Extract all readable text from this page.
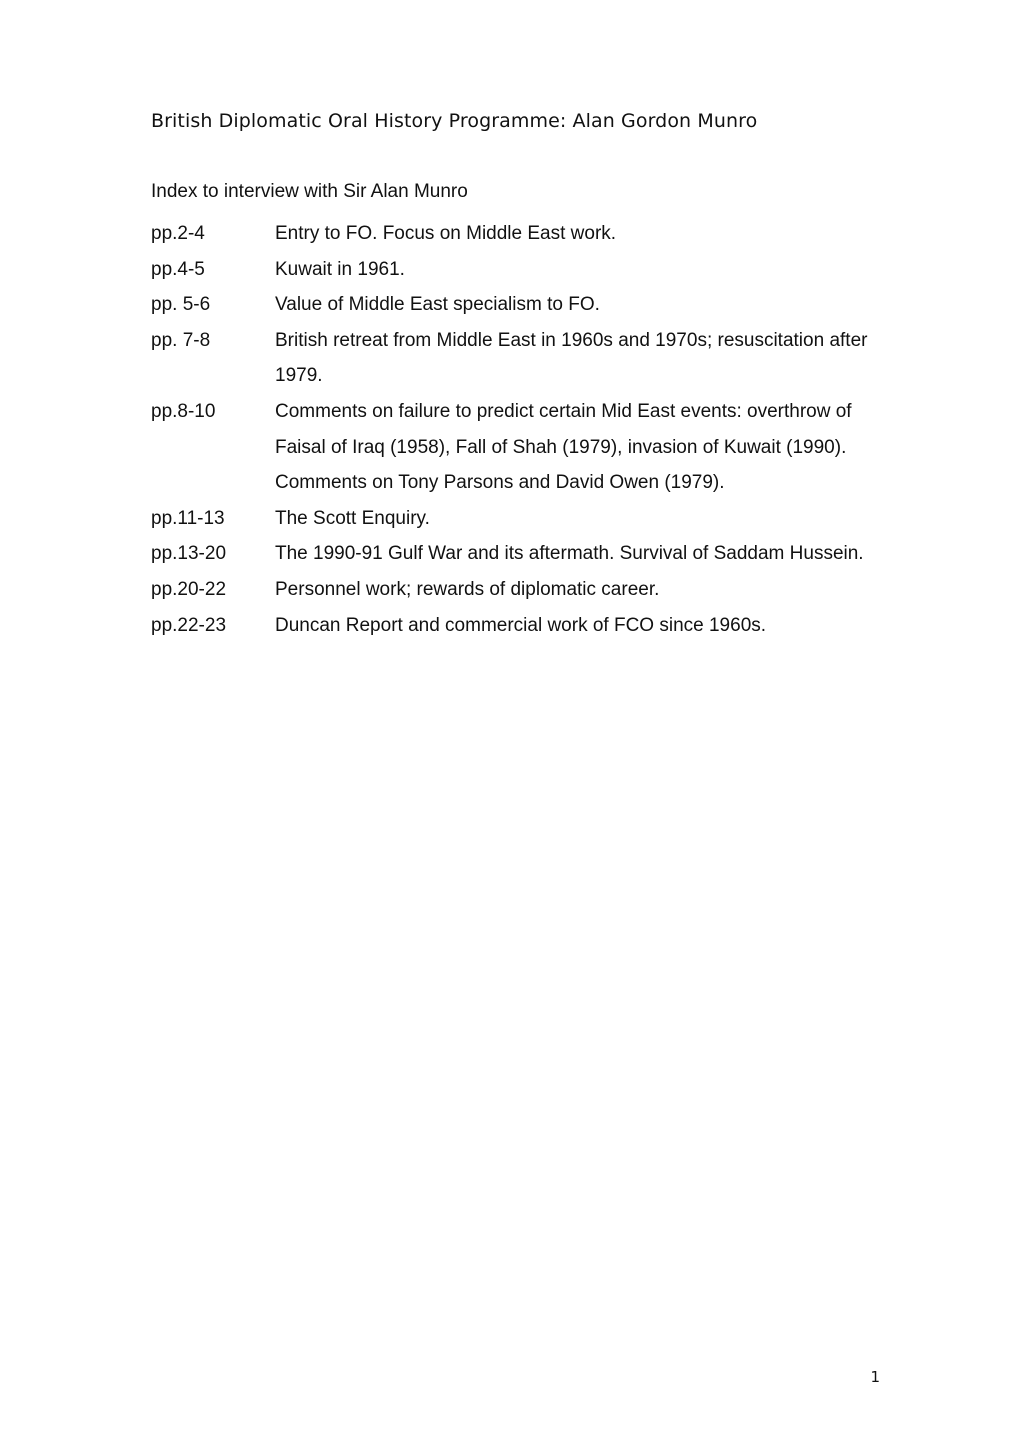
British Diplomatic Oral History Programme: Alan Gordon Munro
Index to interview with Sir Alan Munro
pp.2-4	Entry to FO. Focus on Middle East work.
pp.4-5	Kuwait in 1961.
pp. 5-6	Value of Middle East specialism to FO.
pp. 7-8	British retreat from Middle East in 1960s and 1970s; resuscitation after
1979.
pp.8-10	Comments on failure to predict certain Mid East events: overthrow of
Faisal of Iraq (1958), Fall of Shah (1979), invasion of Kuwait (1990).
Comments on Tony Parsons and David Owen (1979).
pp.11-13	The Scott Enquiry.
pp.13-20	The 1990-91 Gulf War and its aftermath. Survival of Saddam Hussein.
pp.20-22	Personnel work; rewards of diplomatic career.
pp.22-23	Duncan Report and commercial work of FCO since 1960s.
1
